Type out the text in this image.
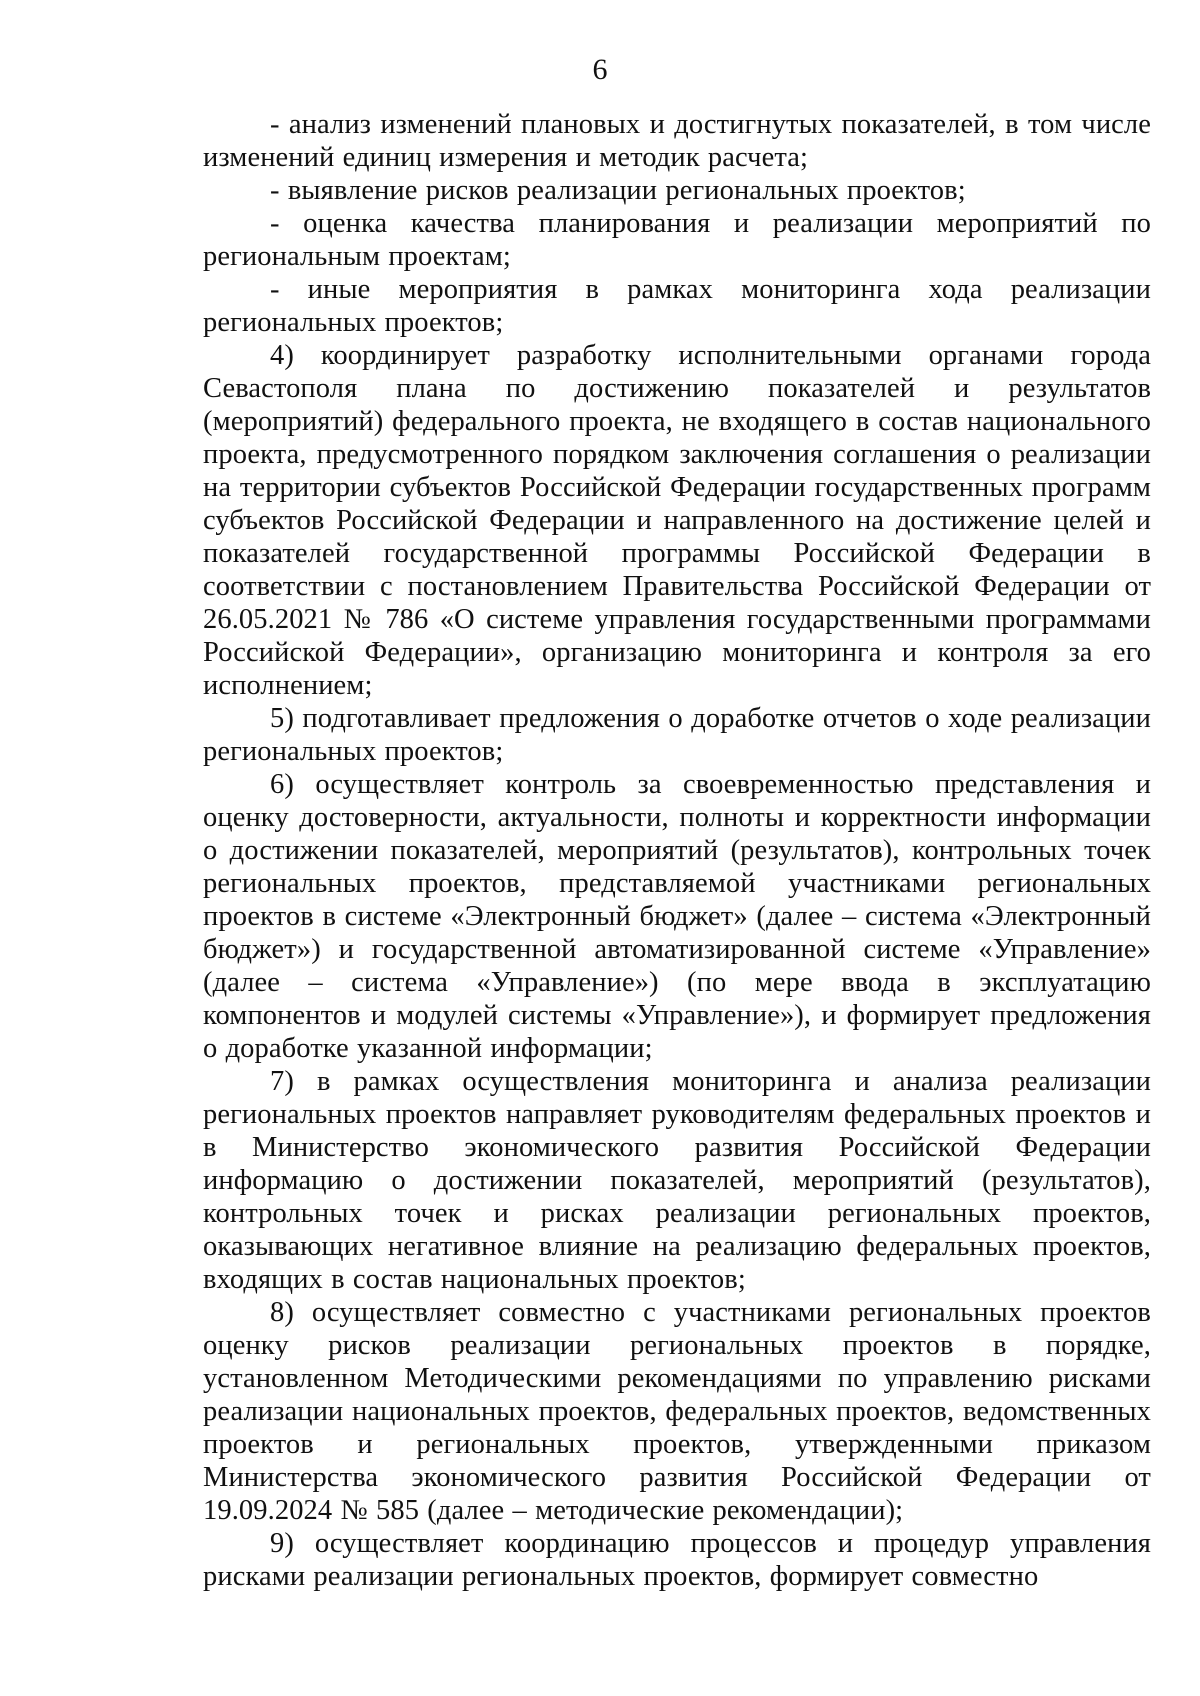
6

- анализ изменений плановых и достигнутых показателей, в том числе изменений единиц измерения и методик расчета;

- выявление рисков реализации региональных проектов;

- оценка качества планирования и реализации мероприятий по региональным проектам;

- иные мероприятия в рамках мониторинга хода реализации региональных проектов;

4) координирует разработку исполнительными органами города Севастополя плана по достижению показателей и результатов (мероприятий) федерального проекта, не входящего в состав национального проекта, предусмотренного порядком заключения соглашения о реализации на территории субъектов Российской Федерации государственных программ субъектов Российской Федерации и направленного на достижение целей и показателей государственной программы Российской Федерации в соответствии с постановлением Правительства Российской Федерации от 26.05.2021 № 786 «О системе управления государственными программами Российской Федерации», организацию мониторинга и контроля за его исполнением;

5) подготавливает предложения о доработке отчетов о ходе реализации региональных проектов;

6) осуществляет контроль за своевременностью представления и оценку достоверности, актуальности, полноты и корректности информации о достижении показателей, мероприятий (результатов), контрольных точек региональных проектов, представляемой участниками региональных проектов в системе «Электронный бюджет» (далее – система «Электронный бюджет») и государственной автоматизированной системе «Управление» (далее – система «Управление») (по мере ввода в эксплуатацию компонентов и модулей системы «Управление»), и формирует предложения о доработке указанной информации;

7) в рамках осуществления мониторинга и анализа реализации региональных проектов направляет руководителям федеральных проектов и в Министерство экономического развития Российской Федерации информацию о достижении показателей, мероприятий (результатов), контрольных точек и рисках реализации региональных проектов, оказывающих негативное влияние на реализацию федеральных проектов, входящих в состав национальных проектов;

8) осуществляет совместно с участниками региональных проектов оценку рисков реализации региональных проектов в порядке, установленном Методическими рекомендациями по управлению рисками реализации национальных проектов, федеральных проектов, ведомственных проектов и региональных проектов, утвержденными приказом Министерства экономического развития Российской Федерации от 19.09.2024 № 585 (далее – методические рекомендации);

9) осуществляет координацию процессов и процедур управления рисками реализации региональных проектов, формирует совместно
